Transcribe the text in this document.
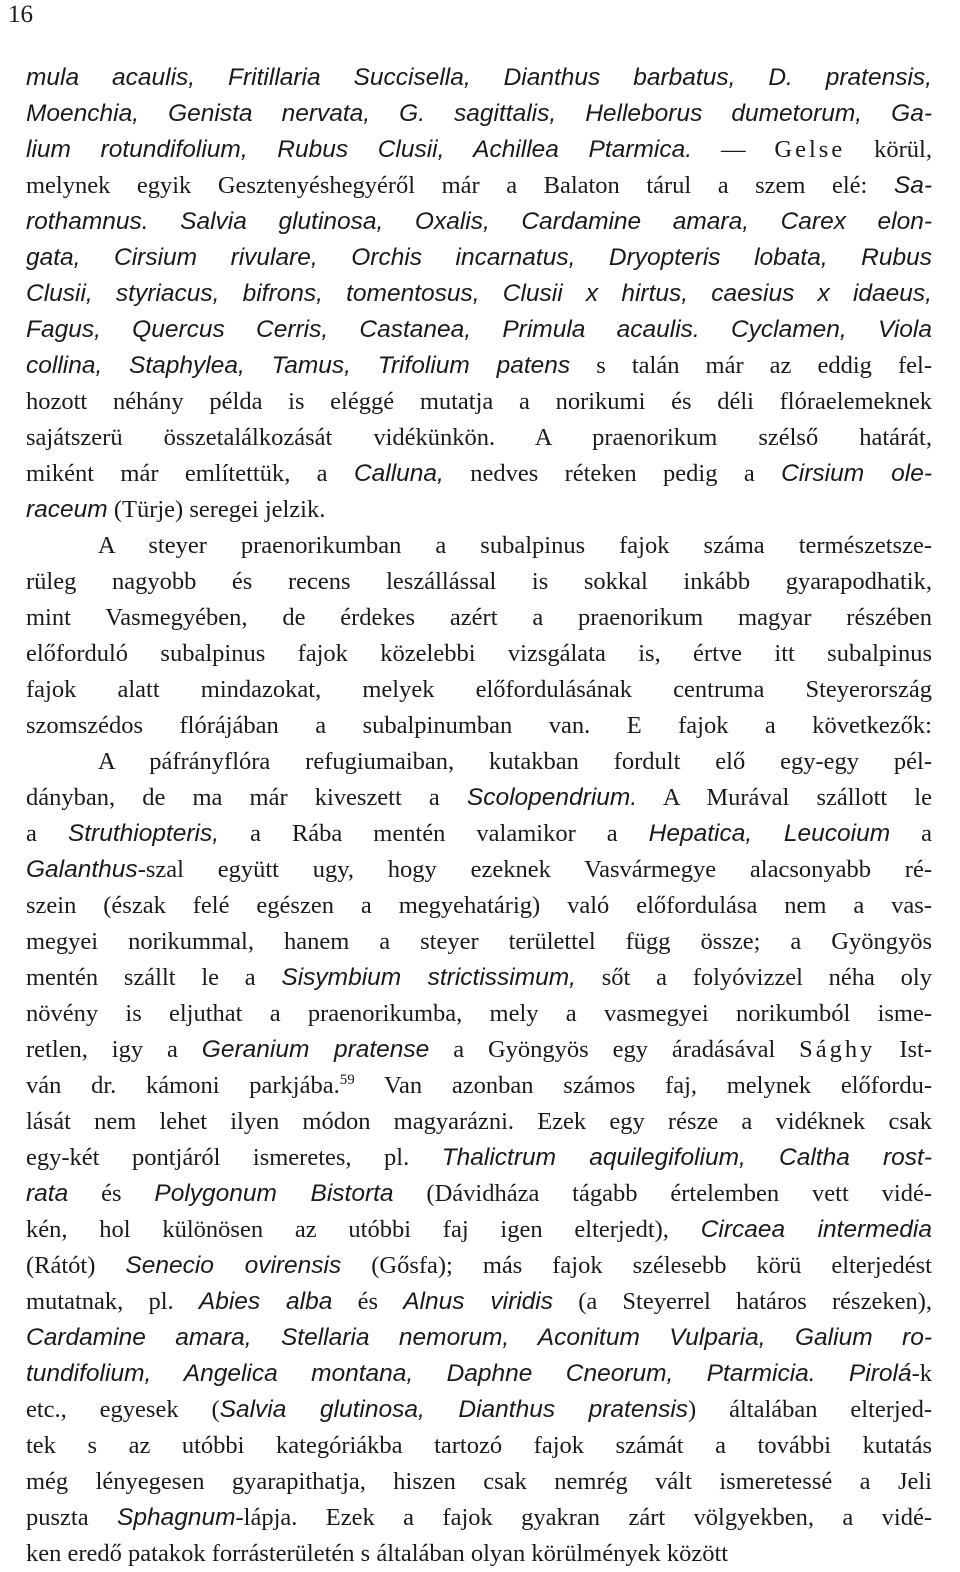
16
mula acaulis, Fritillaria Succisella, Dianthus barbatus, D. pratensis,
Moenchia, Genista nervata, G. sagittalis, Helleborus dumetorum, Ga-
lium rotundifolium, Rubus Clusii, Achillea Ptarmica. — Gelse körül,
melynek egyik Gesztenyéshegyéről már a Balaton tárul a szem elé: Sa-
rothamnus. Salvia glutinosa, Oxalis, Cardamine amara, Carex elon-
gata, Cirsium rivulare, Orchis incarnatus, Dryopteris lobata, Rubus
Clusii, styriacus, bifrons, tomentosus, Clusii x hirtus, caesius x idaeus,
Fagus, Quercus Cerris, Castanea, Primula acaulis. Cyclamen, Viola
collina, Staphylea, Tamus, Trifolium patens s talán már az eddig fel-
hozott néhány példa is eléggé mutatja a norikumi és déli flóraelemeknek
sajátszerü összetalálkozását vidékünkön. A praenorikum szélső határát,
miként már említettük, a Calluna, nedves réteken pedig a Cirsium ole-
raceum (Türje) seregei jelzik.
A steyer praenorikumban a subalpinus fajok száma természetsze-
rüleg nagyobb és recens leszállással is sokkal inkább gyarapodhatik,
mint Vasmegyében, de érdekes azért a praenorikum magyar részében
előforduló subalpinus fajok közelebbi vizsgálata is, értve itt subalpinus
fajok alatt mindazokat, melyek előfordulásának centruma Steyerország
szomszédos flórájában a subalpinumban van. E fajok a következők:
A páfrányflóra refugiumaiban, kutakban fordult elő egy-egy pél-
dányban, de ma már kiveszett a Scolopendrium. A Murával szállott le
a Struthiopteris, a Rába mentén valamikor a Hepatica, Leucoium a
Galanthus-szal együtt ugy, hogy ezeknek Vasvármegye alacsonyabb ré-
szein (észak felé egészen a megyehatárig) való előfordulása nem a vas-
megyei norikummal, hanem a steyer területtel függ össze; a Gyöngyös
mentén szállt le a Sisymbium strictissimum, sőt a folyóvizzel néha oly
növény is eljuthat a praenorikumba, mely a vasmegyei norikumból isme-
retlen, igy a Geranium pratense a Gyöngyös egy áradásával Sághy Ist-
ván dr. kámoni parkjába.$^{59}$ Van azonban számos faj, melynek előfordu-
lását nem lehet ilyen módon magyarázni. Ezek egy része a vidéknek csak
egy-két pontjáról ismeretes, pl. Thalictrum aquilegifolium, Caltha rost-
rata és Polygonum Bistorta (Dávidháza tágabb értelemben vett vidé-
kén, hol különösen az utóbbi faj igen elterjedt), Circaea intermedia
(Rátót) Senecio ovirensis (Gősfa); más fajok szélesebb körü elterjedést
mutatnak, pl. Abies alba és Alnus viridis (a Steyerrel határos részeken),
Cardamine amara, Stellaria nemorum, Aconitum Vulparia, Galium ro-
tundifolium, Angelica montana, Daphne Cneorum, Ptarmicia. Pirolá-k
etc., egyesek (Salvia glutinosa, Dianthus pratensis) általában elterjed-
tek s az utóbbi kategóriákba tartozó fajok számát a további kutatás
még lényegesen gyarapithatja, hiszen csak nemrég vált ismeretessé a Jeli
puszta Sphagnum-lápja. Ezek a fajok gyakran zárt völgyekben, a vidé-
ken eredő patakok forrásterületén s általában olyan körülmények között
